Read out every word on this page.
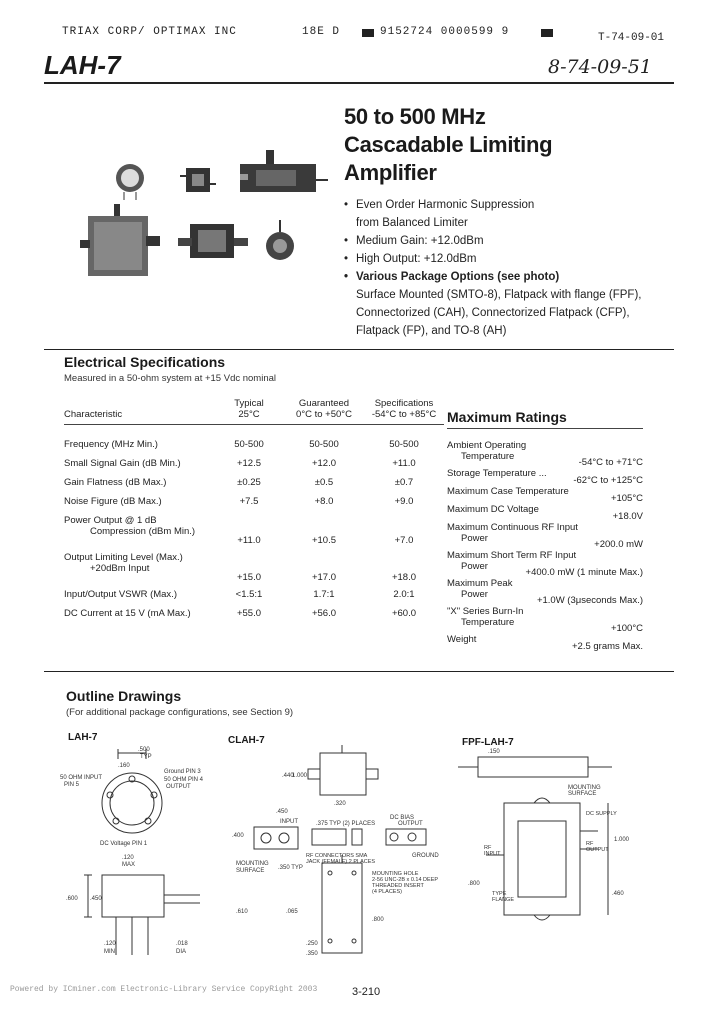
TRIAX CORP/ OPTIMAX INC	18E D	9152724 0000599 9	T-74-09-01
LAH-7	8-74-09-51
50 to 500 MHz
Cascadable Limiting
Amplifier
• Even Order Harmonic Suppression
from Balanced Limiter
• Medium Gain: +12.0dBm
• High Output: +12.0dBm
• Various Package Options (see photo)
Surface Mounted (SMTO-8), Flatpack with flange (FPF),
Connectorized (CAH), Connectorized Flatpack (CFP),
Flatpack (FP), and TO-8 (AH)
Electrical Specifications
Measured in a 50-ohm system at +15 Vdc nominal
	Typical	Guaranteed	Specifications
Characteristic	25°C	0°C to +50°C	-54°C to +85°C

Frequency (MHz Min.)	50-500	50-500	50-500
Small Signal Gain (dB Min.)	+12.5	+12.0	+11.0
Gain Flatness (dB Max.)	±0.25	±0.5	±0.7
Noise Figure (dB Max.)	+7.5	+8.0	+9.0

Power Output @ 1 dB
Compression (dBm Min.)	+11.0	+10.5	+7.0

Output Limiting Level (Max.)
+20dBm Input	+15.0	+17.0	+18.0
Input/Output VSWR (Max.)	<1.5:1	1.7:1	2.0:1
DC Current at 15 V (mA Max.)	+55.0	+56.0	+60.0
Maximum Ratings
Ambient Operating
Temperature
-54°C to +71°C
Storage Temperature ...
-62°C to +125°C
Maximum Case Temperature
+105°C
Maximum DC Voltage
+18.0V
Maximum Continuous RF Input
Power
+200.0 mW
Maximum Short Term RF Input
Power
+400.0 mW (1 minute Max.)
Maximum Peak
Power
+1.0W (3μseconds Max.)
"X" Series Burn-In
Temperature
+100°C
Weight
+2.5 grams Max.
Outline Drawings
(For additional package configurations, see Section 9)
LAH-7	CLAH-7	FPF-LAH-7
.500
TYP
.160
Ground PIN 3
50 OHM PIN 4
OUTPUT
50 OHM INPUT
PIN 5
DC Voltage PIN 1
.120
MAX
.600 .450
.120
MIN
.018
DIA
.440
1.000
.320
.450
DC BIAS
INPUT	OUTPUT
.400
.375 TYP (2) PLACES
RF CONNECTORS SMA
JACK (FEMALE) 2 PLACES
GROUND
MOUNTING
SURFACE .350 TYP
MOUNTING HOLE
2-56 UNC-2B x 0.14 DEEP
THREADED INSERT
(4 PLACES)
.610	.065
.250
.350
.800
.150
MOUNTING
SURFACE
DC SUPPLY
RF
OUTPUT
RF
INPUT
TYPE
FLANGE
1.000
.800
.460
Powered by ICminer.com Electronic-Library Service CopyRight 2003	3-210
